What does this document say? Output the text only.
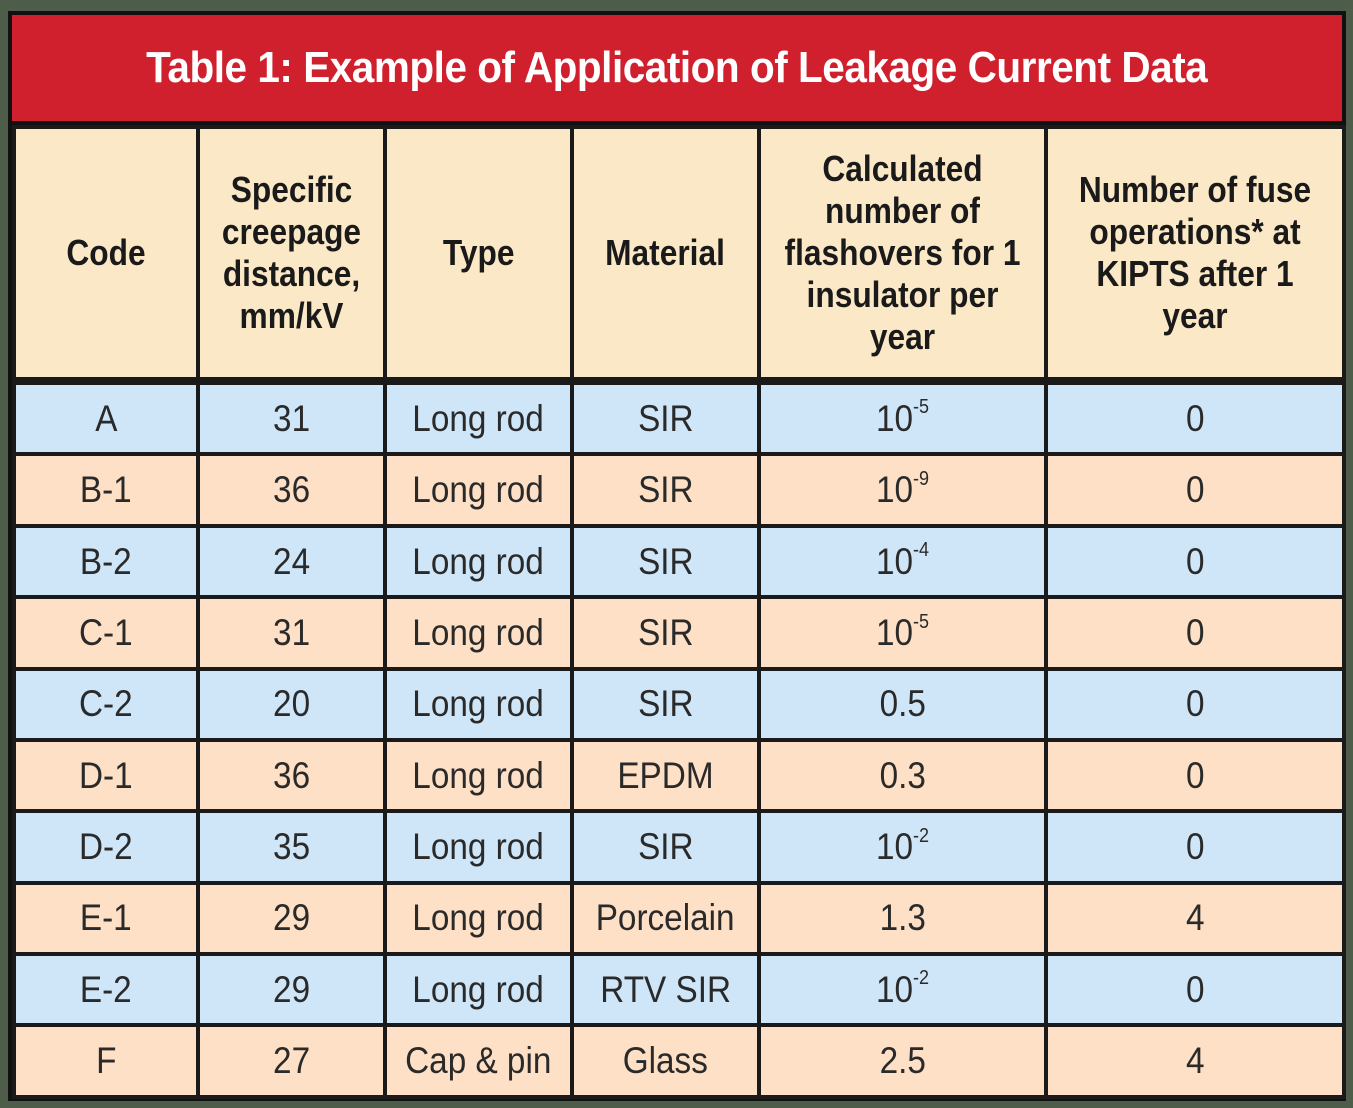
Table 1: Example of Application of Leakage Current Data
Code	Specific creepage distance, mm/kV	Type	Material	Calculated number of flashovers for 1 insulator per year	Number of fuse operations* at KIPTS after 1 year
A	31	Long rod	SIR	$10^{-5}$	0
B-1	36	Long rod	SIR	$10^{-9}$	0
B-2	24	Long rod	SIR	$10^{-4}$	0
C-1	31	Long rod	SIR	$10^{-5}$	0
C-2	20	Long rod	SIR	0.5	0
D-1	36	Long rod	EPDM	0.3	0
D-2	35	Long rod	SIR	$10^{-2}$	0
E-1	29	Long rod	Porcelain	1.3	4
E-2	29	Long rod	RTV SIR	$10^{-2}$	0
F	27	Cap & pin	Glass	2.5	4
